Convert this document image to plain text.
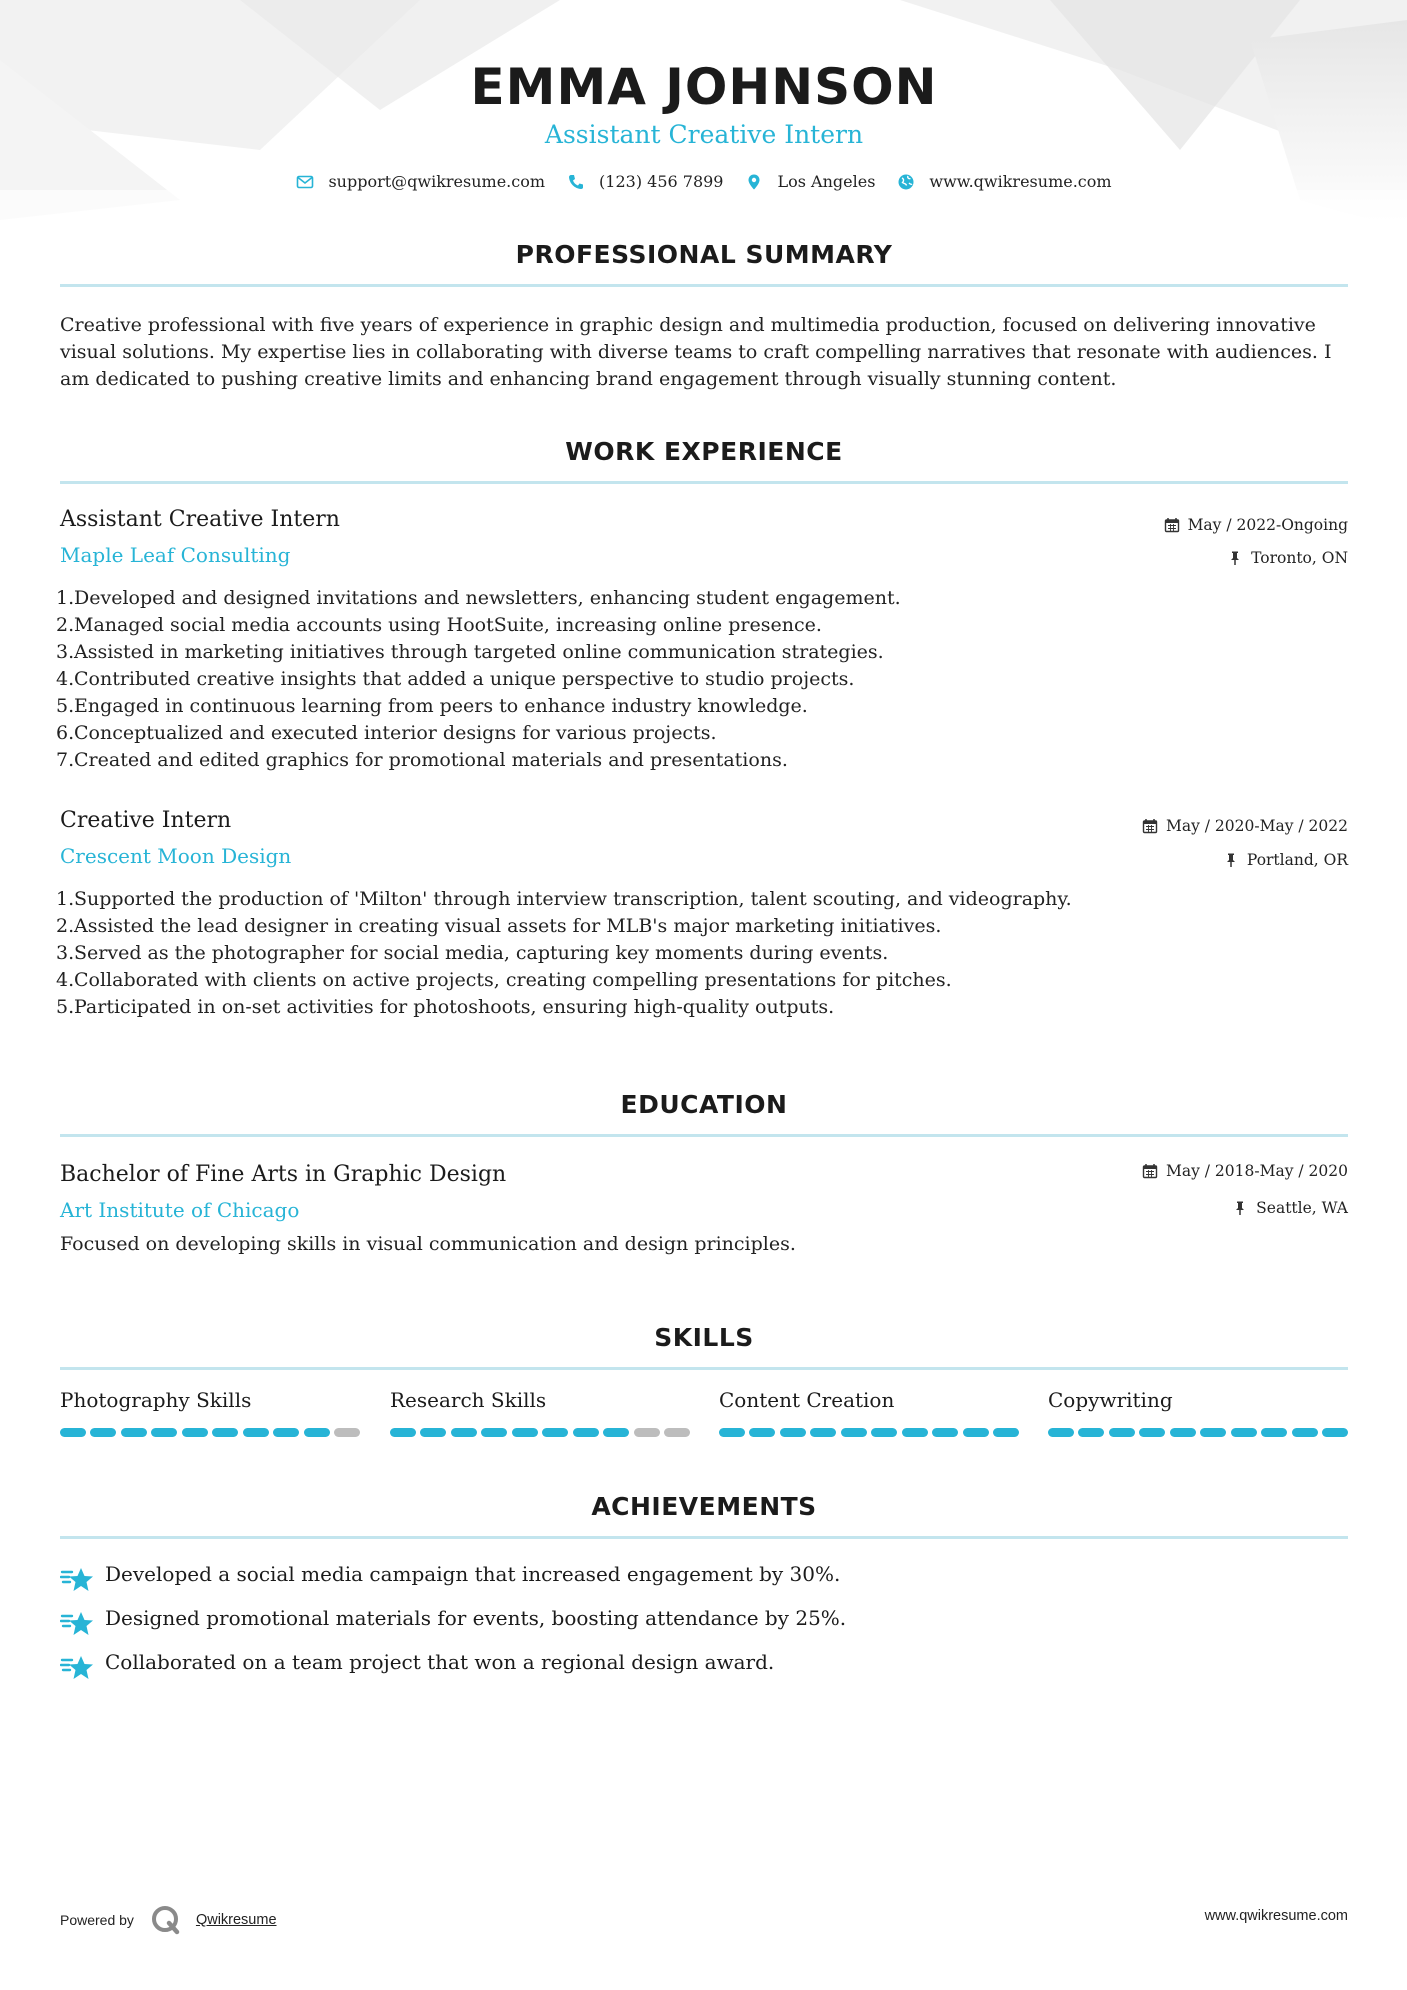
EMMA JOHNSON
Assistant Creative Intern
support@qwikresume.com	(123) 456 7899	Los Angeles	www.qwikresume.com
PROFESSIONAL SUMMARY
Creative professional with five years of experience in graphic design and multimedia production, focused on delivering innovative visual solutions. My expertise lies in collaborating with diverse teams to craft compelling narratives that resonate with audiences. I am dedicated to pushing creative limits and enhancing brand engagement through visually stunning content.
WORK EXPERIENCE
Assistant Creative Intern
Maple Leaf Consulting
May / 2022-Ongoing
Toronto, ON
1. Developed and designed invitations and newsletters, enhancing student engagement.
2. Managed social media accounts using HootSuite, increasing online presence.
3. Assisted in marketing initiatives through targeted online communication strategies.
4. Contributed creative insights that added a unique perspective to studio projects.
5. Engaged in continuous learning from peers to enhance industry knowledge.
6. Conceptualized and executed interior designs for various projects.
7. Created and edited graphics for promotional materials and presentations.
Creative Intern
Crescent Moon Design
May / 2020-May / 2022
Portland, OR
1. Supported the production of 'Milton' through interview transcription, talent scouting, and videography.
2. Assisted the lead designer in creating visual assets for MLB's major marketing initiatives.
3. Served as the photographer for social media, capturing key moments during events.
4. Collaborated with clients on active projects, creating compelling presentations for pitches.
5. Participated in on-set activities for photoshoots, ensuring high-quality outputs.
EDUCATION
Bachelor of Fine Arts in Graphic Design
Art Institute of Chicago
May / 2018-May / 2020
Seattle, WA
Focused on developing skills in visual communication and design principles.
SKILLS
Photography Skills	Research Skills	Content Creation	Copywriting
ACHIEVEMENTS
Developed a social media campaign that increased engagement by 30%.
Designed promotional materials for events, boosting attendance by 25%.
Collaborated on a team project that won a regional design award.
Powered by	Qwikresume	www.qwikresume.com
